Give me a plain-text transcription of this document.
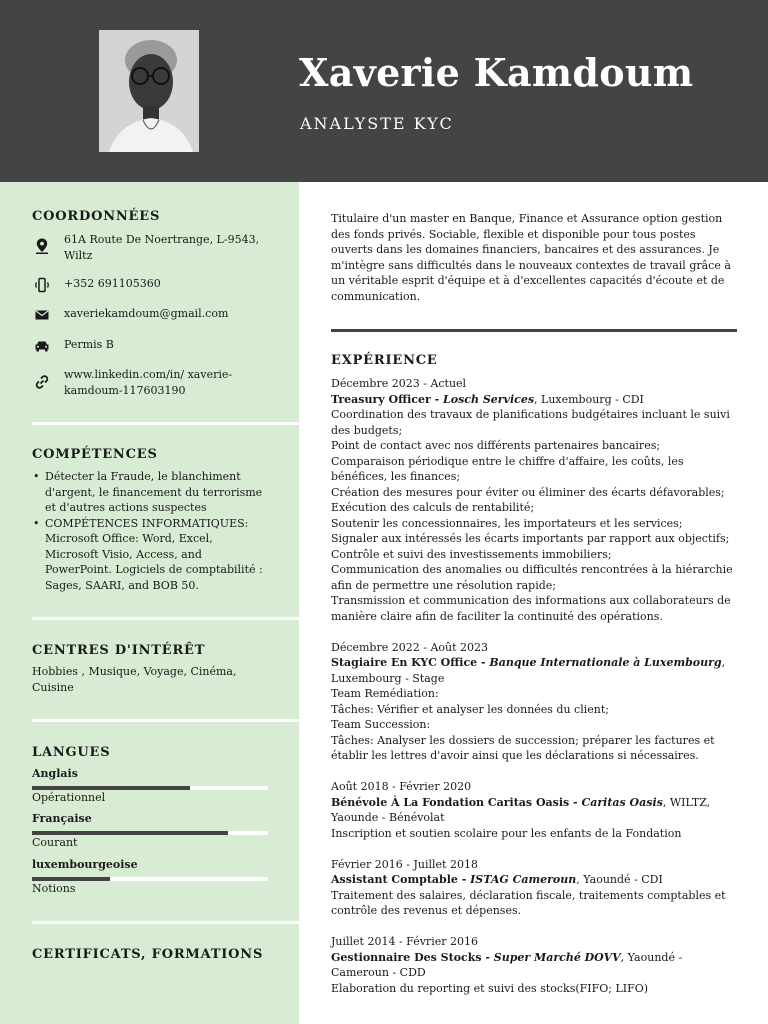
Xaverie Kamdoum
ANALYSTE KYC
COORDONNÉES
61A Route De Noertrange, L-9543, Wiltz
+352 691105360
xaveriekamdoum@gmail.com
Permis B
www.linkedin.com/in/ xaverie-kamdoum-117603190
COMPÉTENCES
• Détecter la Fraude, le blanchiment d'argent, le financement du terrorisme et d'autres actions suspectes
• COMPÉTENCES INFORMATIQUES: Microsoft Office: Word, Excel, Microsoft Visio, Access, and PowerPoint. Logiciels de comptabilité : Sages, SAARI, and BOB 50.
CENTRES D'INTÉRÊT
Hobbies , Musique, Voyage, Cinéma, Cuisine
LANGUES
Anglais
Opérationnel
Française
Courant
luxembourgeoise
Notions
CERTIFICATS, FORMATIONS
Titulaire d'un master en Banque, Finance et Assurance option gestion des fonds privés. Sociable, flexible et disponible pour tous postes ouverts dans les domaines financiers, bancaires et des assurances. Je m'intègre sans difficultés dans le nouveaux contextes de travail grâce à un véritable esprit d'équipe et à d'excellentes capacités d'écoute et de communication.
EXPÉRIENCE

Décembre 2023 - Actuel

Treasury Officer - Losch Services, Luxembourg - CDI

Coordination des travaux de planifications budgétaires incluant le suivi des budgets;

Point de contact avec nos différents partenaires bancaires;

Comparaison périodique entre le chiffre d'affaire, les coûts, les bénéfices, les finances;

Création des mesures pour éviter ou éliminer des écarts défavorables;

Exécution des calculs de rentabilité;

Soutenir les concessionnaires, les importateurs et les services;

Signaler aux intéressés les écarts importants par rapport aux objectifs;

Contrôle et suivi des investissements immobiliers;

Communication des anomalies ou difficultés rencontrées à la hiérarchie afin de permettre une résolution rapide;

Transmission et communication des informations aux collaborateurs de manière claire afin de faciliter la continuité des opérations.

Décembre 2022 - Août 2023

Stagiaire En KYC Office - Banque Internationale à Luxembourg, Luxembourg - Stage

Team Remédiation:

Tâches: Vérifier et analyser les données du client;

Team Succession:

Tâches: Analyser les dossiers de succession; préparer les factures et établir les lettres d'avoir ainsi que les déclarations si nécessaires.

Août 2018 - Février 2020

Bénévole À La Fondation Caritas Oasis - Caritas Oasis, WILTZ, Yaounde - Bénévolat

Inscription et soutien scolaire pour les enfants de la Fondation

Février 2016 - Juillet 2018

Assistant Comptable - ISTAG Cameroun, Yaoundé - CDI

Traitement des salaires, déclaration fiscale, traitements comptables et contrôle des revenus et dépenses.

Juillet 2014 - Février 2016

Gestionnaire Des Stocks - Super Marché DOVV, Yaoundé - Cameroun - CDD

Elaboration du reporting et suivi des stocks(FIFO; LIFO)
